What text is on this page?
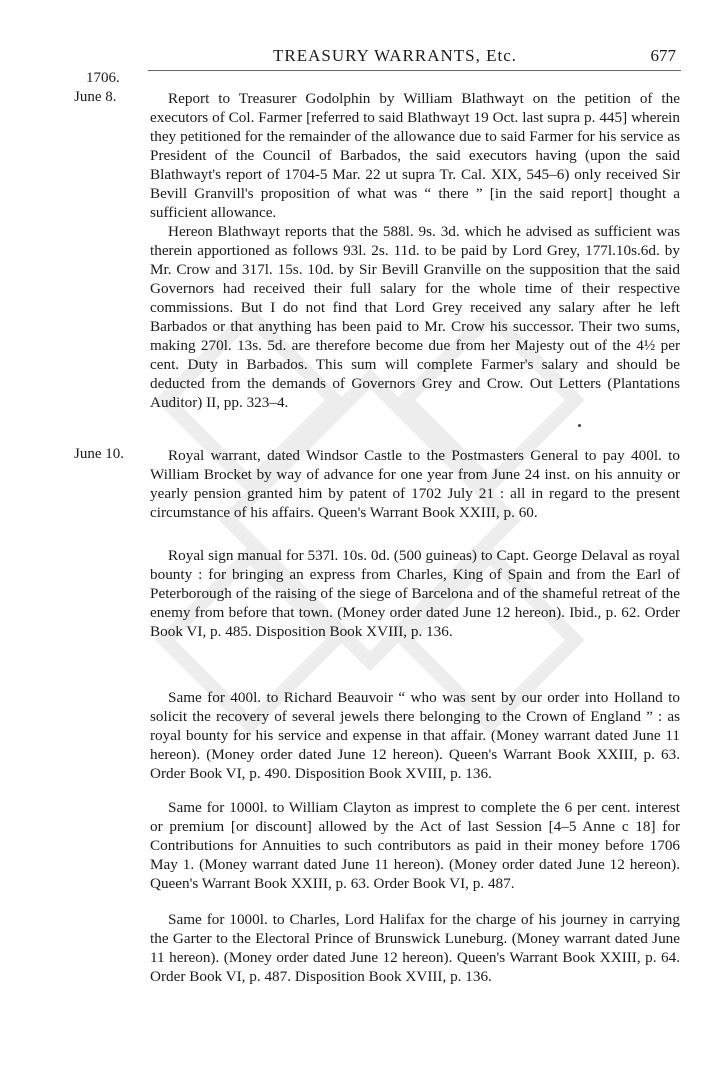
TREASURY WARRANTS, Etc.	677
1706.
June 8.
June 10.

Report to Treasurer Godolphin by William Blathwayt on the petition of the executors of Col. Farmer [referred to said Blathwayt 19 Oct. last supra p. 445] wherein they petitioned for the remainder of the allowance due to said Farmer for his service as President of the Council of Barbados, the said executors having (upon the said Blathwayt's report of 1704-5 Mar. 22 ut supra Tr. Cal. XIX, 545–6) only received Sir Bevill Granvill's proposition of what was “ there ” [in the said report] thought a sufficient allowance.

Hereon Blathwayt reports that the 588l. 9s. 3d. which he advised as sufficient was therein apportioned as follows 93l. 2s. 11d. to be paid by Lord Grey, 177l.10s.6d. by Mr. Crow and 317l. 15s. 10d. by Sir Bevill Granville on the supposition that the said Governors had received their full salary for the whole time of their respective commissions. But I do not find that Lord Grey received any salary after he left Barbados or that anything has been paid to Mr. Crow his successor. Their two sums, making 270l. 13s. 5d. are therefore become due from her Majesty out of the 4½ per cent. Duty in Barbados. This sum will complete Farmer's salary and should be deducted from the demands of Governors Grey and Crow. Out Letters (Plantations Auditor) II, pp. 323–4.

Royal warrant, dated Windsor Castle to the Postmasters General to pay 400l. to William Brocket by way of advance for one year from June 24 inst. on his annuity or yearly pension granted him by patent of 1702 July 21 : all in regard to the present circumstance of his affairs. Queen's Warrant Book XXIII, p. 60.

Royal sign manual for 537l. 10s. 0d. (500 guineas) to Capt. George Delaval as royal bounty : for bringing an express from Charles, King of Spain and from the Earl of Peterborough of the raising of the siege of Barcelona and of the shameful retreat of the enemy from before that town. (Money order dated June 12 hereon). Ibid., p. 62. Order Book VI, p. 485. Disposition Book XVIII, p. 136.

Same for 400l. to Richard Beauvoir “ who was sent by our order into Holland to solicit the recovery of several jewels there belonging to the Crown of England ” : as royal bounty for his service and expense in that affair. (Money warrant dated June 11 hereon). (Money order dated June 12 hereon). Queen's Warrant Book XXIII, p. 63. Order Book VI, p. 490. Disposition Book XVIII, p. 136.

Same for 1000l. to William Clayton as imprest to complete the 6 per cent. interest or premium [or discount] allowed by the Act of last Session [4–5 Anne c 18] for Contributions for Annuities to such contributors as paid in their money before 1706 May 1. (Money warrant dated June 11 hereon). (Money order dated June 12 hereon). Queen's Warrant Book XXIII, p. 63. Order Book VI, p. 487.

Same for 1000l. to Charles, Lord Halifax for the charge of his journey in carrying the Garter to the Electoral Prince of Brunswick Luneburg. (Money warrant dated June 11 hereon). (Money order dated June 12 hereon). Queen's Warrant Book XXIII, p. 64. Order Book VI, p. 487. Disposition Book XVIII, p. 136.
